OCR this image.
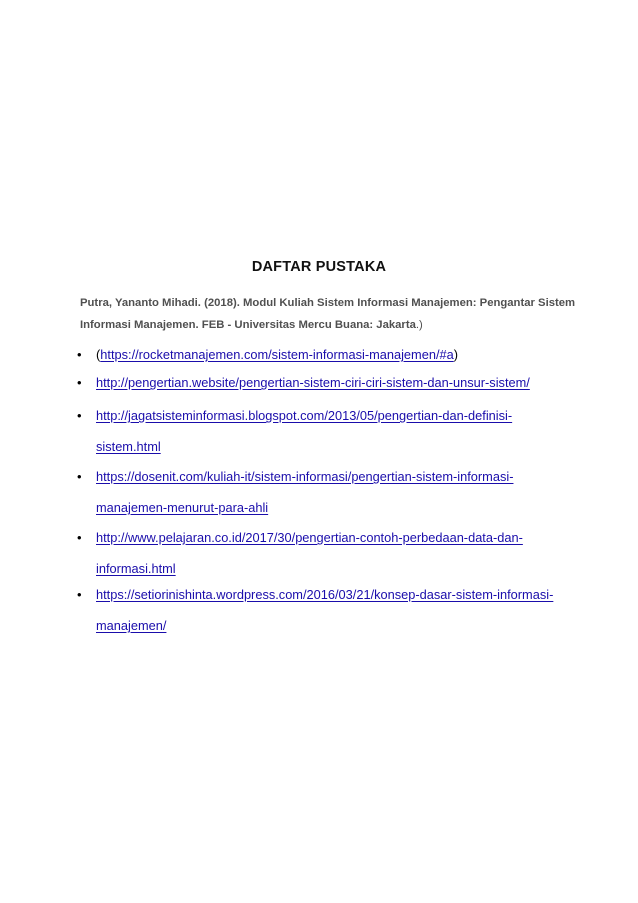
DAFTAR PUSTAKA
Putra, Yananto Mihadi. (2018). Modul Kuliah Sistem Informasi Manajemen: Pengantar Sistem
Informasi Manajemen. FEB - Universitas Mercu Buana: Jakarta.)
• (https://rocketmanajemen.com/sistem-informasi-manajemen/#a)
• http://pengertian.website/pengertian-sistem-ciri-ciri-sistem-dan-unsur-sistem/
• http://jagatsisteminformasi.blogspot.com/2013/05/pengertian-dan-definisi-
sistem.html
• https://dosenit.com/kuliah-it/sistem-informasi/pengertian-sistem-informasi-
manajemen-menurut-para-ahli
• http://www.pelajaran.co.id/2017/30/pengertian-contoh-perbedaan-data-dan-
informasi.html
• https://setiorinishinta.wordpress.com/2016/03/21/konsep-dasar-sistem-informasi-
manajemen/
